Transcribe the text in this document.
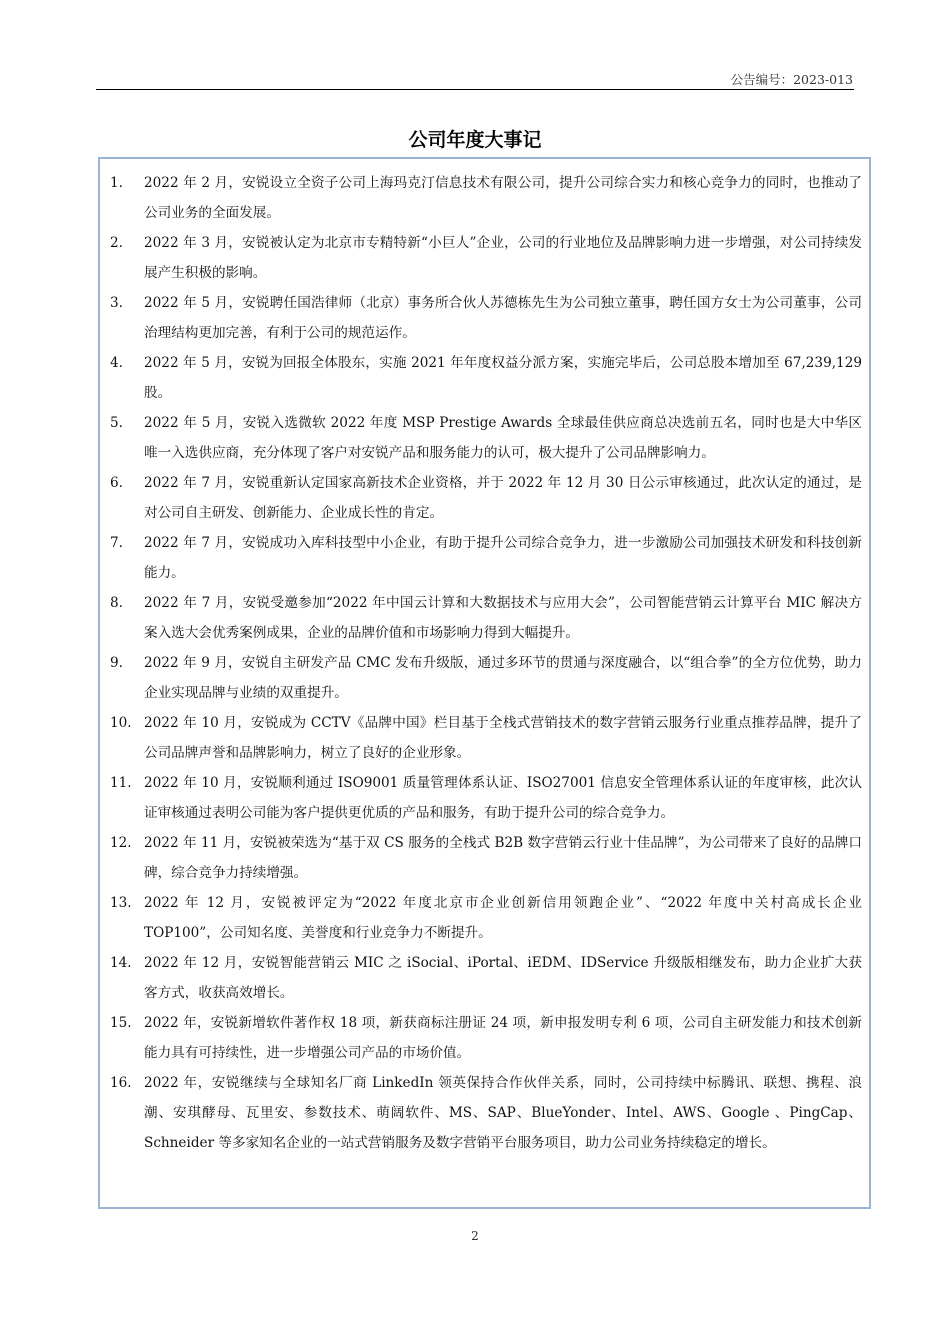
公告编号：2023-013
公司年度大事记
1.	2022 年 2 月，安锐设立全资子公司上海玛克汀信息技术有限公司，提升公司综合实力和核心竞争力的同时，也推动了公司业务的全面发展。
2.	2022 年 3 月，安锐被认定为北京市专精特新“小巨人”企业，公司的行业地位及品牌影响力进一步增强，对公司持续发展产生积极的影响。
3.	2022 年 5 月，安锐聘任国浩律师（北京）事务所合伙人苏德栋先生为公司独立董事，聘任国方女士为公司董事，公司治理结构更加完善，有利于公司的规范运作。
4.	2022 年 5 月，安锐为回报全体股东，实施 2021 年年度权益分派方案，实施完毕后，公司总股本增加至 67,239,129 股。
5.	2022 年 5 月，安锐入选微软 2022 年度 MSP Prestige Awards 全球最佳供应商总决选前五名，同时也是大中华区唯一入选供应商，充分体现了客户对安锐产品和服务能力的认可，极大提升了公司品牌影响力。
6.	2022 年 7 月，安锐重新认定国家高新技术企业资格，并于 2022 年 12 月 30 日公示审核通过，此次认定的通过，是对公司自主研发、创新能力、企业成长性的肯定。
7.	2022 年 7 月，安锐成功入库科技型中小企业，有助于提升公司综合竞争力，进一步激励公司加强技术研发和科技创新能力。
8.	2022 年 7 月，安锐受邀参加“2022 年中国云计算和大数据技术与应用大会”，公司智能营销云计算平台 MIC 解决方案入选大会优秀案例成果，企业的品牌价值和市场影响力得到大幅提升。
9.	2022 年 9 月，安锐自主研发产品 CMC 发布升级版，通过多环节的贯通与深度融合，以“组合拳”的全方位优势，助力企业实现品牌与业绩的双重提升。
10. 2022 年 10 月，安锐成为 CCTV《品牌中国》栏目基于全栈式营销技术的数字营销云服务行业重点推荐品牌，提升了公司品牌声誉和品牌影响力，树立了良好的企业形象。
11. 2022 年 10 月，安锐顺利通过 ISO9001 质量管理体系认证、ISO27001 信息安全管理体系认证的年度审核，此次认证审核通过表明公司能为客户提供更优质的产品和服务，有助于提升公司的综合竞争力。
12. 2022 年 11 月，安锐被荣选为“基于双 CS 服务的全栈式 B2B 数字营销云行业十佳品牌”，为公司带来了良好的品牌口碑，综合竞争力持续增强。
13. 2022 年 12 月，安锐被评定为“2022 年度北京市企业创新信用领跑企业”、“2022 年度中关村高成长企业 TOP100”，公司知名度、美誉度和行业竞争力不断提升。
14. 2022 年 12 月，安锐智能营销云 MIC 之 iSocial、iPortal、iEDM、IDService 升级版相继发布，助力企业扩大获客方式，收获高效增长。
15. 2022 年，安锐新增软件著作权 18 项，新获商标注册证 24 项，新申报发明专利 6 项，公司自主研发能力和技术创新能力具有可持续性，进一步增强公司产品的市场价值。
16. 2022 年，安锐继续与全球知名厂商 LinkedIn 领英保持合作伙伴关系，同时，公司持续中标腾讯、联想、携程、浪潮、安琪酵母、瓦里安、参数技术、萌阔软件、MS、SAP、BlueYonder、Intel、AWS、Google 、PingCap、Schneider 等多家知名企业的一站式营销服务及数字营销平台服务项目，助力公司业务持续稳定的增长。
2
